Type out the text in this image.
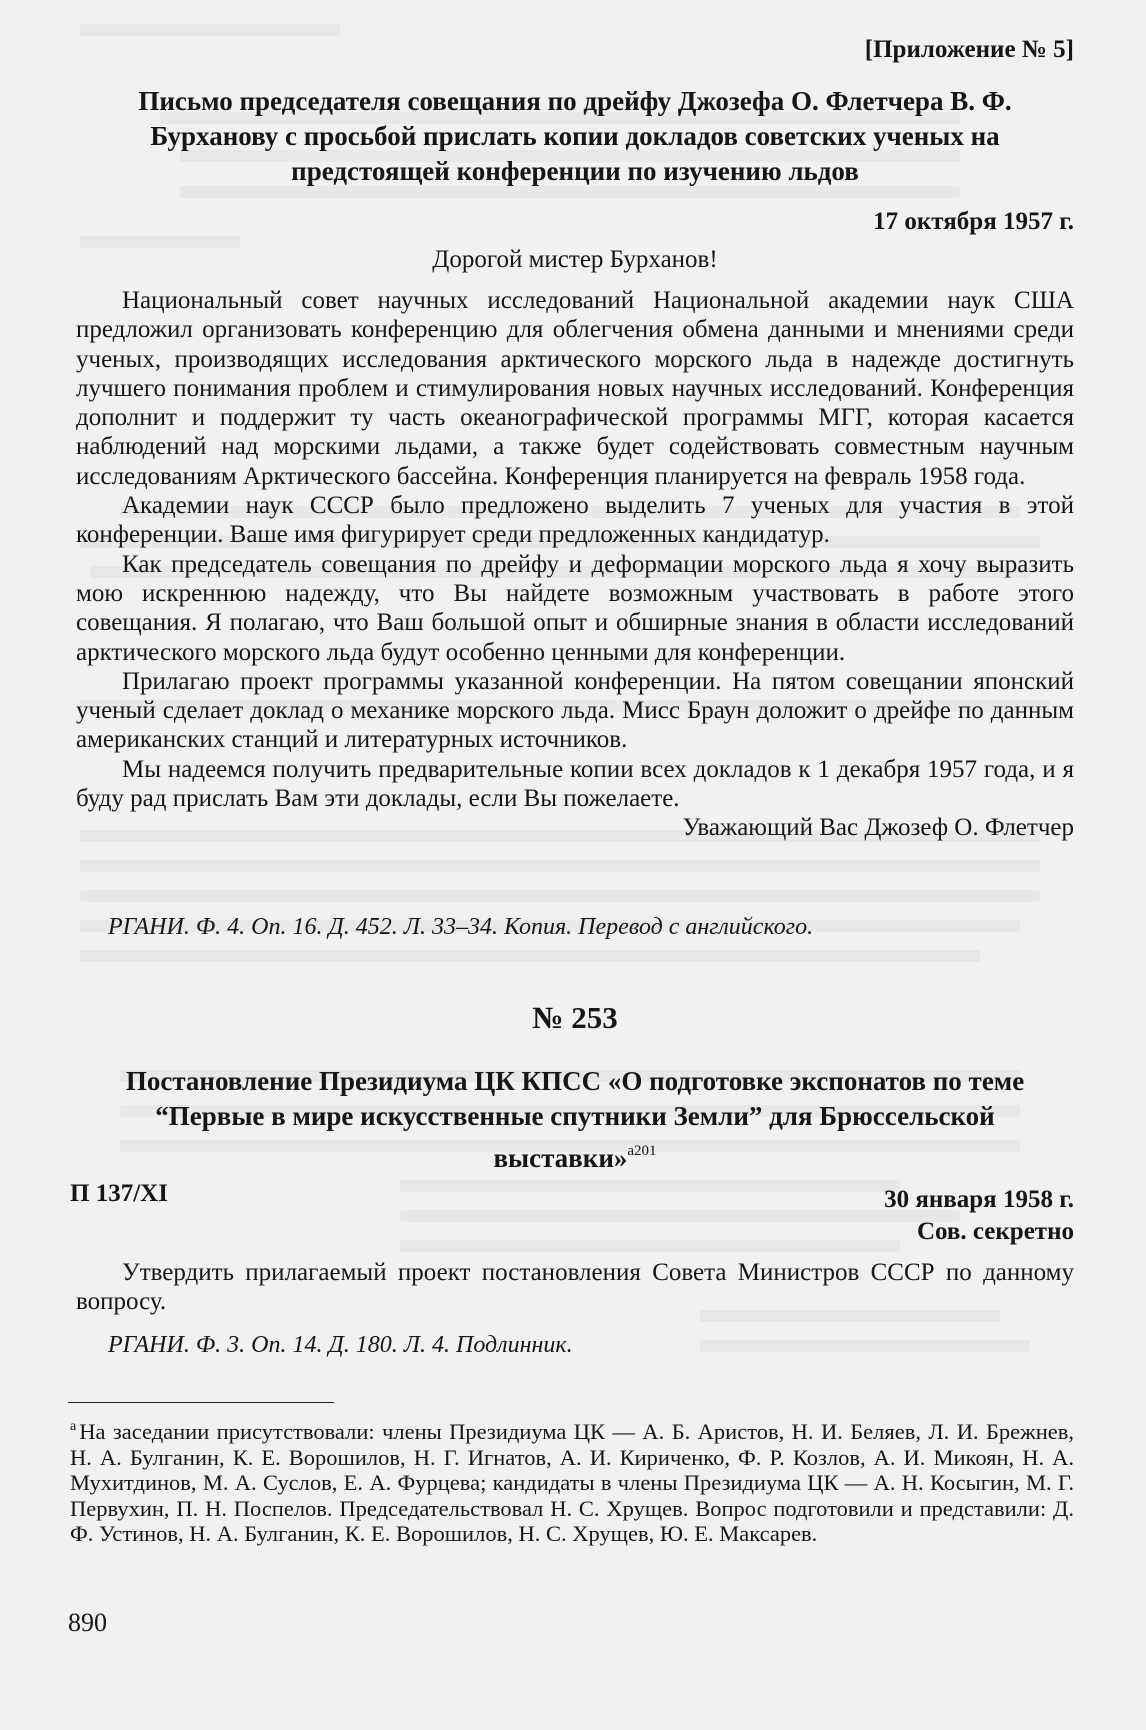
[Приложение № 5]
Письмо председателя совещания по дрейфу Джозефа О. Флетчера В. Ф. Бурханову с просьбой прислать копии докладов советских ученых на предстоящей конференции по изучению льдов
17 октября 1957 г.
Дорогой мистер Бурханов!

Национальный совет научных исследований Национальной академии наук США предложил организовать конференцию для облегчения обмена данными и мнениями среди ученых, производящих исследования арктического морского льда в надежде достигнуть лучшего понимания проблем и стимулирования новых научных исследований. Конференция дополнит и поддержит ту часть океанографической программы МГГ, которая касается наблюдений над морскими льдами, а также будет содействовать совместным научным исследованиям Арктического бассейна. Конференция планируется на февраль 1958 года.

Академии наук СССР было предложено выделить 7 ученых для участия в этой конференции. Ваше имя фигурирует среди предложенных кандидатур.

Как председатель совещания по дрейфу и деформации морского льда я хочу выразить мою искреннюю надежду, что Вы найдете возможным участвовать в работе этого совещания. Я полагаю, что Ваш большой опыт и обширные знания в области исследований арктического морского льда будут особенно ценными для конференции.

Прилагаю проект программы указанной конференции. На пятом совещании японский ученый сделает доклад о механике морского льда. Мисс Браун доложит о дрейфе по данным американских станций и литературных источников.

Мы надеемся получить предварительные копии всех докладов к 1 декабря 1957 года, и я буду рад прислать Вам эти доклады, если Вы пожелаете.

Уважающий Вас Джозеф О. Флетчер

РГАНИ. Ф. 4. Оп. 16. Д. 452. Л. 33–34. Копия. Перевод с английского.
№ 253
Постановление Президиума ЦК КПСС «О подготовке экспонатов по теме “Первые в мире искусственные спутники Земли” для Брюссельской выставки»$^{а201}$
П 137/XI	30 января 1958 г.
Сов. секретно
Утвердить прилагаемый проект постановления Совета Министров СССР по данному вопросу.
РГАНИ. Ф. 3. Оп. 14. Д. 180. Л. 4. Подлинник.
$^а$ На заседании присутствовали: члены Президиума ЦК — А. Б. Аристов, Н. И. Беляев, Л. И. Брежнев, Н. А. Булганин, К. Е. Ворошилов, Н. Г. Игнатов, А. И. Кириченко, Ф. Р. Козлов, А. И. Микоян, Н. А. Мухитдинов, М. А. Суслов, Е. А. Фурцева; кандидаты в члены Президиума ЦК — А. Н. Косыгин, М. Г. Первухин, П. Н. Поспелов. Председательствовал Н. С. Хрущев. Вопрос подготовили и представили: Д. Ф. Устинов, Н. А. Булганин, К. Е. Ворошилов, Н. С. Хрущев, Ю. Е. Максарев.
890
